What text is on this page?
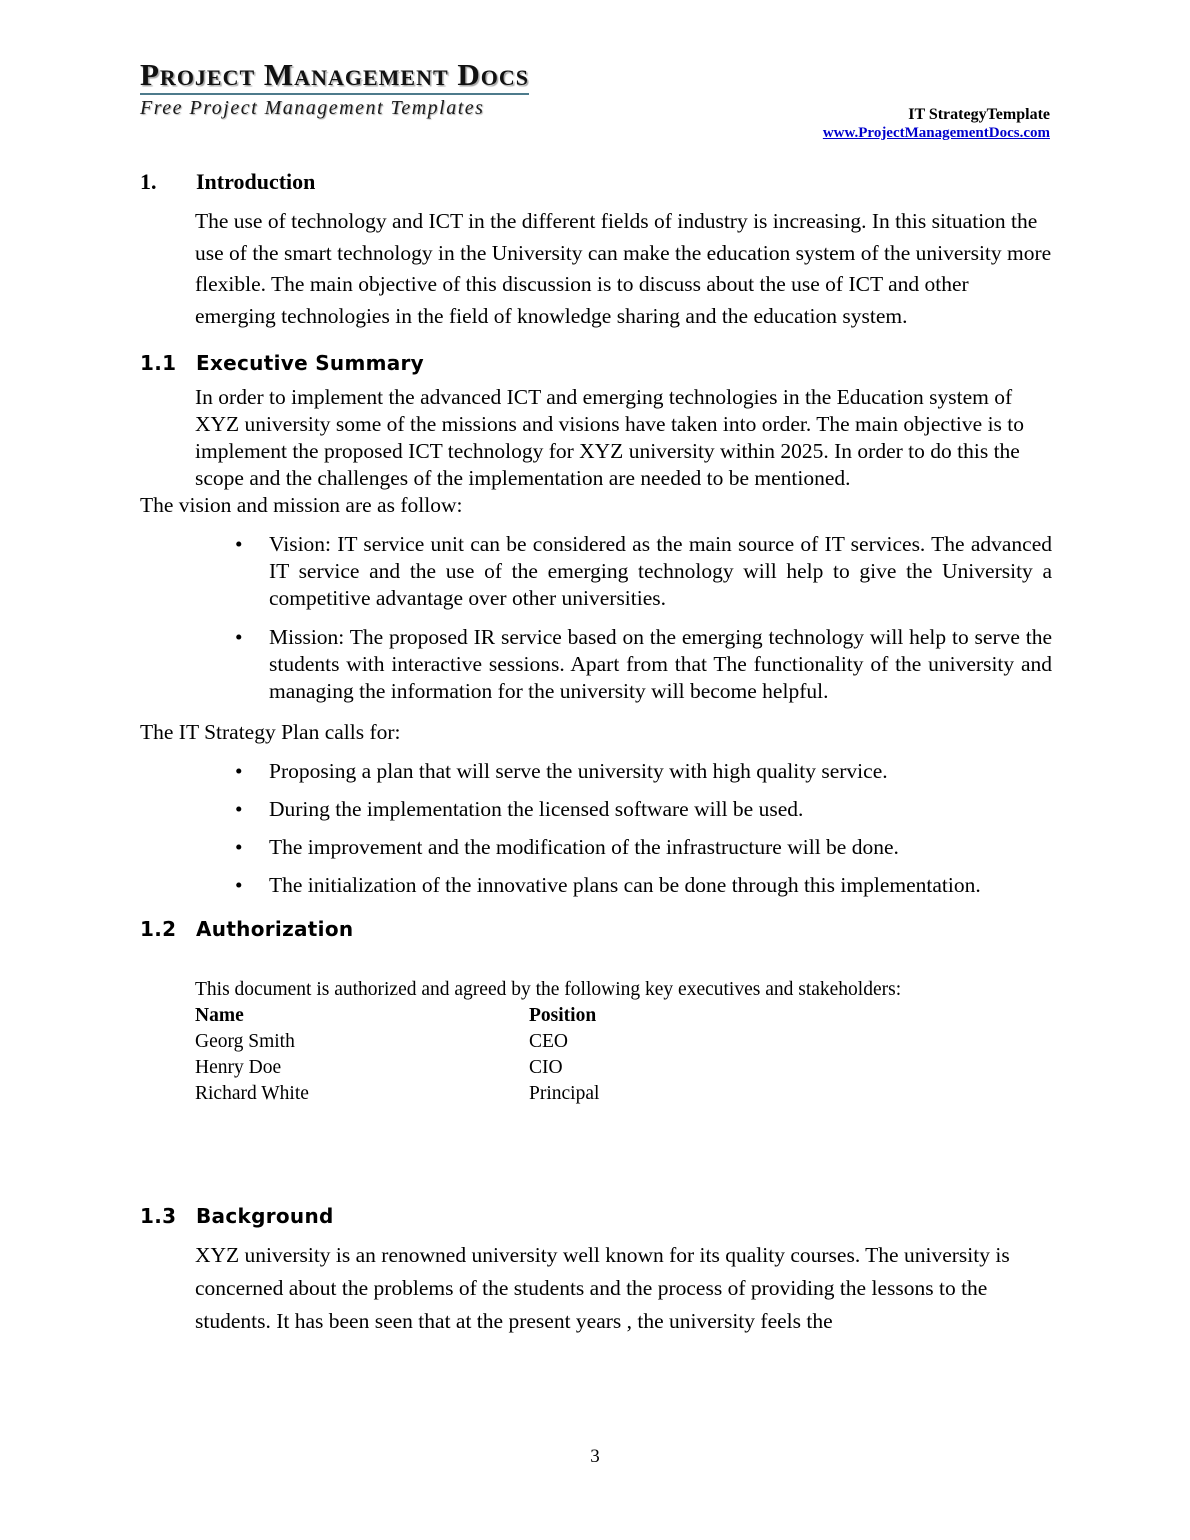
Project Management Docs
Free Project Management Templates	IT StrategyTemplate
www.ProjectManagementDocs.com
1. Introduction

The use of technology and ICT in the different fields of industry is increasing. In this situation the use of the smart technology in the University can make the education system of the university more flexible. The main objective of this discussion is to discuss about the use of ICT and other emerging technologies in the field of knowledge sharing and the education system.

1.1 Executive Summary

In order to implement the advanced ICT and emerging technologies in the Education system of XYZ university some of the missions and visions have taken into order. The main objective is to implement the proposed ICT technology for XYZ university within 2025. In order to do this the scope and the challenges of the implementation are needed to be mentioned.

The vision and mission are as follow:
• Vision: IT service unit can be considered as the main source of IT services. The advanced IT service and the use of the emerging technology will help to give the University a competitive advantage over other universities.
• Mission: The proposed IR service based on the emerging technology will help to serve the students with interactive sessions. Apart from that The functionality of the university and managing the information for the university will become helpful.
The IT Strategy Plan calls for:
• Proposing a plan that will serve the university with high quality service.
• During the implementation the licensed software will be used.
• The improvement and the modification of the infrastructure will be done.
• The initialization of the innovative plans can be done through this implementation.
1.2 Authorization

This document is authorized and agreed by the following key executives and stakeholders:

Name	Position
Georg Smith	CEO
Henry Doe	CIO
Richard White	Principal
1.3 Background

XYZ university is an renowned university well known for its quality courses. The university is concerned about the problems of the students and the process of providing the lessons to the students. It has been seen that at the present years , the university feels the

3
